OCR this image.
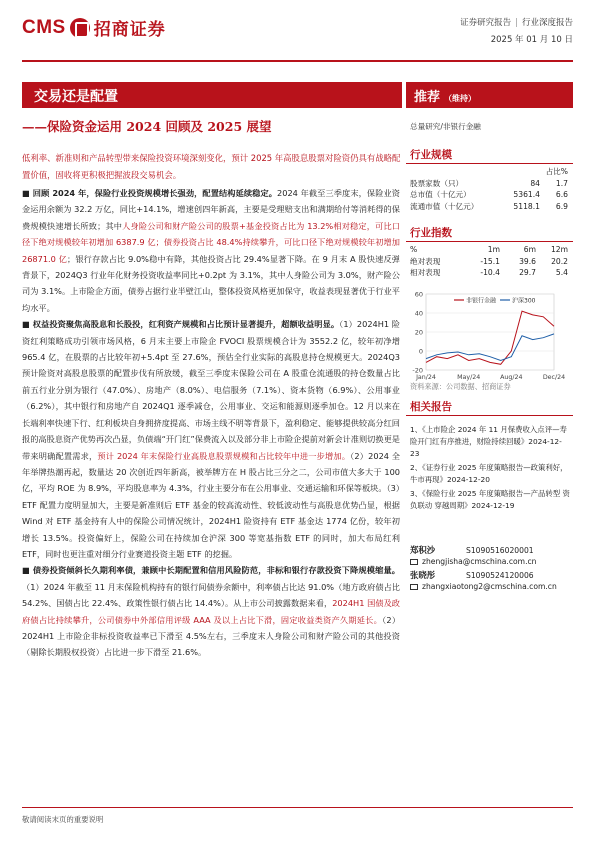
CMS 招商证券	证券研究报告 | 行业深度报告
2025 年 01 月 10 日
交易还是配置
——保险资金运用 2024 回顾及 2025 展望
低利率、新准则和产品转型带来保险投资环境深刻变化，预计 2025 年高股息股票对险资仍具有战略配置价值，固收将更积极把握波段交易机会。

■ 回顾 2024 年，保险行业投资规模增长强劲，配置结构延续稳定。2024 年截至三季度末，保险业资金运用余额为 32.2 万亿，同比+14.1%，增速创四年新高，主要是受理赔支出和满期给付等消耗得的保费规模快速增长所致；其中人身险公司和财产险公司的股票+基金投资占比为 13.2%相对稳定，可比口径下绝对规模较年初增加 6387.9 亿；债券投资占比 48.4%持续攀升，可比口径下绝对规模较年初增加 26871.0 亿；银行存款占比 9.0%稳中有降，其他投资占比 29.4%显著下降。在 9 月末 A 股快速反弹背景下，2024Q3 行业年化财务投资收益率同比+0.2pt 为 3.1%，其中人身险公司为 3.0%，财产险公司为 3.1%。上市险企方面，债券占据行业半壁江山，整体投资风格更加保守，收益表现显著优于行业平均水平。

■ 权益投资聚焦高股息和长股投，红利资产规模和占比预计显著提升，超额收益明显。（1）2024H1 险资红利策略成功引领市场风格，6 月末主要上市险企 FVOCI 股票规模合计为 3552.2 亿，较年初净增 965.4 亿，在股票的占比较年初+5.4pt 至 27.6%，预估全行业实际的高股息持仓规模更大。2024Q3 预计险资对高股息股票的配置步伐有所放缓，截至三季度末保险公司在 A 股重仓流通股的持仓数量占比前五行业分别为银行（47.0%）、房地产（8.0%）、电信服务（7.1%）、资本货物（6.9%）、公用事业（6.2%），其中银行和房地产自 2024Q1 逐季减仓，公用事业、交运和能源则逐季加仓。12 月以来在长端利率快速下行、红利板块自身拥挤度提高、市场主线不明等背景下，盈利稳定、能够提供较高分红回报的高股息资产优势再次凸显，负债端“开门红”保费流入以及部分非上市险企提前对新会计准则切换更是带来明确配置需求，预计 2024 年末保险行业高股息股票规模和占比较年中进一步增加。（2）2024 全年举牌热潮再起，数量达 20 次创近四年新高，被举牌方在 H 股占比三分之二，公司市值大多大于 100 亿，平均 ROE 为 8.9%，平均股息率为 4.3%，行业主要分布在公用事业、交通运输和环保等板块。（3）ETF 配置力度明显加大，主要是新准则后 ETF 基金的较高流动性、较低波动性与高股息优势凸显，根据 Wind 对 ETF 基金持有人中的保险公司情况统计，2024H1 险资持有 ETF 基金达 1774 亿份，较年初增长 13.5%。投资偏好上，保险公司在持续加仓沪深 300 等宽基指数 ETF 的同时，加大布局红利 ETF，同时也更注重对细分行业赛道投资主题 ETF 的挖掘。

■ 债券投资倾斜长久期利率债，兼顾中长期配置和信用风险防范，非标和银行存款投资下降规模缩量。（1）2024 年截至 11 月末保险机构持有的银行间债券余额中，利率债占比达 91.0%（地方政府债占比 54.2%、国债占比 22.4%、政策性银行债占比 14.4%）。从上市公司披露数据来看，2024H1 国债及政府债占比持续攀升，公司债券中外部信用评级 AAA 及以上占比下滑，固定收益类资产久期延长。（2）2024H1 上市险企非标投资收益率已下滑至 4.5%左右，三季度末人身险公司和财产险公司的其他投资（剔除长期股权投资）占比进一步下滑至 21.6%。

推荐 （维持）
总量研究/非银行金融
行业规模
		占比%
股票家数（只）	84	1.7
总市值（十亿元）	5361.4	6.6
流通市值（十亿元）	5118.1	6.9
行业指数
%	1m	6m	12m
绝对表现	-15.1	39.6	20.2
相对表现	-10.4	29.7	5.4
60
40
20
0
-20
Jan/24	May/24	Aug/24	Dec/24
非银行金融	沪深300
资料来源：公司数据、招商证券
相关报告
1、《上市险企 2024 年 11 月保费收入点评—寿险开门红有序推进，财险持续回暖》2024-12-23
2、《证券行业 2025 年度策略报告—政策利好，牛市再现》2024-12-20
3、《保险行业 2025 年度策略报告—产品转型 资负联动 穿越周期》2024-12-19
郑积沙	S1090516020001
zhengjisha@cmschina.com.cn
张晓彤	S1090524120006
zhangxiaotong2@cmschina.com.cn
敬请阅读末页的重要说明
